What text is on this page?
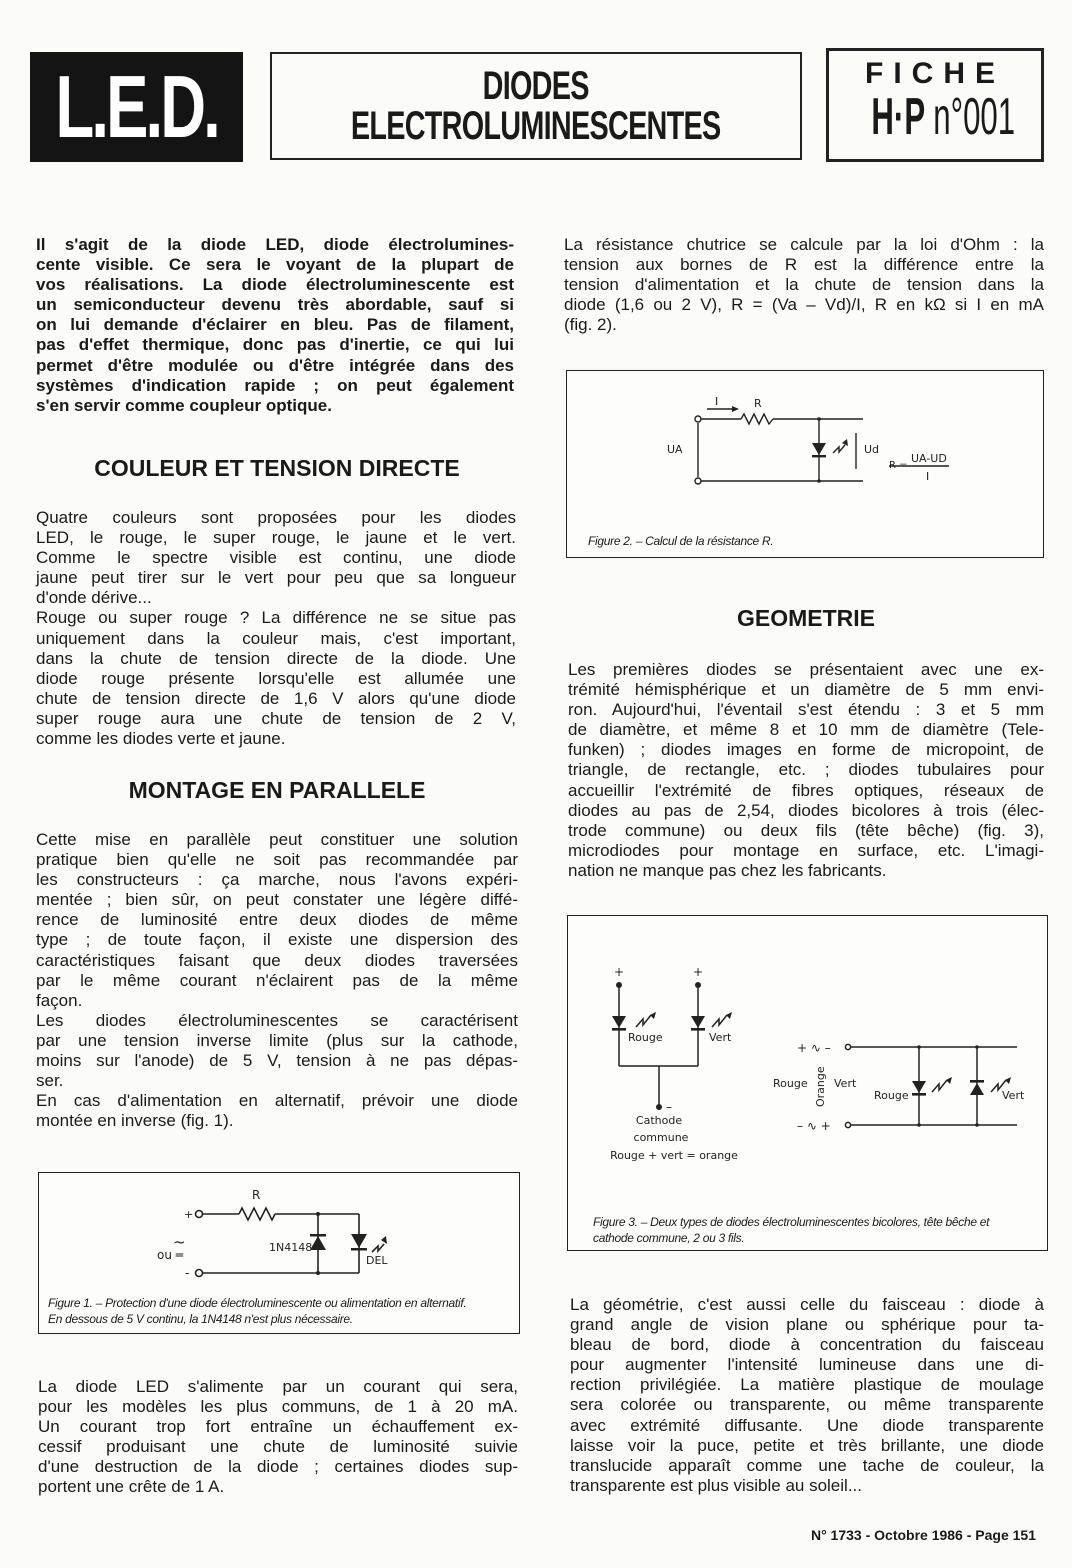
L.E.D.	DIODES
ELECTROLUMINESCENTES
FICHE
H·P n°001
Il s'agit de la diode LED, diode électrolumines-
cente visible. Ce sera le voyant de la plupart de
vos réalisations. La diode électroluminescente est
un semiconducteur devenu très abordable, sauf si
on lui demande d'éclairer en bleu. Pas de filament,
pas d'effet thermique, donc pas d'inertie, ce qui lui
permet d'être modulée ou d'être intégrée dans des
systèmes d'indication rapide ; on peut également
s'en servir comme coupleur optique.
COULEUR ET TENSION DIRECTE
Quatre couleurs sont proposées pour les diodes
LED, le rouge, le super rouge, le jaune et le vert.
Comme le spectre visible est continu, une diode
jaune peut tirer sur le vert pour peu que sa longueur
d'onde dérive...
Rouge ou super rouge ? La différence ne se situe pas
uniquement dans la couleur mais, c'est important,
dans la chute de tension directe de la diode. Une
diode rouge présente lorsqu'elle est allumée une
chute de tension directe de 1,6 V alors qu'une diode
super rouge aura une chute de tension de 2 V,
comme les diodes verte et jaune.
MONTAGE EN PARALLELE
Cette mise en parallèle peut constituer une solution
pratique bien qu'elle ne soit pas recommandée par
les constructeurs : ça marche, nous l'avons expéri-
mentée ; bien sûr, on peut constater une légère diffé-
rence de luminosité entre deux diodes de même
type ; de toute façon, il existe une dispersion des
caractéristiques faisant que deux diodes traversées
par le même courant n'éclairent pas de la même
façon.
Les diodes électroluminescentes se caractérisent
par une tension inverse limite (plus sur la cathode,
moins sur l'anode) de 5 V, tension à ne pas dépas-
ser.
En cas d'alimentation en alternatif, prévoir une diode
montée en inverse (fig. 1).
R
+
-
~
ou ═
1N4148
DEL
Figure 1. – Protection d'une diode électroluminescente ou alimentation en alternatif.
En dessous de 5 V continu, la 1N4148 n'est plus nécessaire.
La diode LED s'alimente par un courant qui sera,
pour les modèles les plus communs, de 1 à 20 mA.
Un courant trop fort entraîne un échauffement ex-
cessif produisant une chute de luminosité suivie
d'une destruction de la diode ; certaines diodes sup-
portent une crête de 1 A.
La résistance chutrice se calcule par la loi d'Ohm : la
tension aux bornes de R est la différence entre la
tension d'alimentation et la chute de tension dans la
diode (1,6 ou 2 V), R = (Va – Vd)/I, R en kΩ si I en mA
(fig. 2).
I	R
UA	Ud
R =
UA-UD
I
Figure 2. – Calcul de la résistance R.
GEOMETRIE
Les premières diodes se présentaient avec une ex-
trémité hémisphérique et un diamètre de 5 mm envi-
ron. Aujourd'hui, l'éventail s'est étendu : 3 et 5 mm
de diamètre, et même 8 et 10 mm de diamètre (Tele-
funken) ; diodes images en forme de micropoint, de
triangle, de rectangle, etc. ; diodes tubulaires pour
accueillir l'extrémité de fibres optiques, réseaux de
diodes au pas de 2,54, diodes bicolores à trois (élec-
trode commune) ou deux fils (tête bêche) (fig. 3),
microdiodes pour montage en surface, etc. L'imagi-
nation ne manque pas chez les fabricants.
+	+
–
Rouge	Vert
Cathode
commune
Rouge + vert = orange
+ ∿ –
– ∿ +
Rouge Vert
Orange	Rouge	Vert
Figure 3. – Deux types de diodes électroluminescentes bicolores, tête bêche et
cathode commune, 2 ou 3 fils.
La géométrie, c'est aussi celle du faisceau : diode à
grand angle de vision plane ou sphérique pour ta-
bleau de bord, diode à concentration du faisceau
pour augmenter l'intensité lumineuse dans une di-
rection privilégiée. La matière plastique de moulage
sera colorée ou transparente, ou même transparente
avec extrémité diffusante. Une diode transparente
laisse voir la puce, petite et très brillante, une diode
translucide apparaît comme une tache de couleur, la
transparente est plus visible au soleil...
N° 1733 - Octobre 1986 - Page 151
